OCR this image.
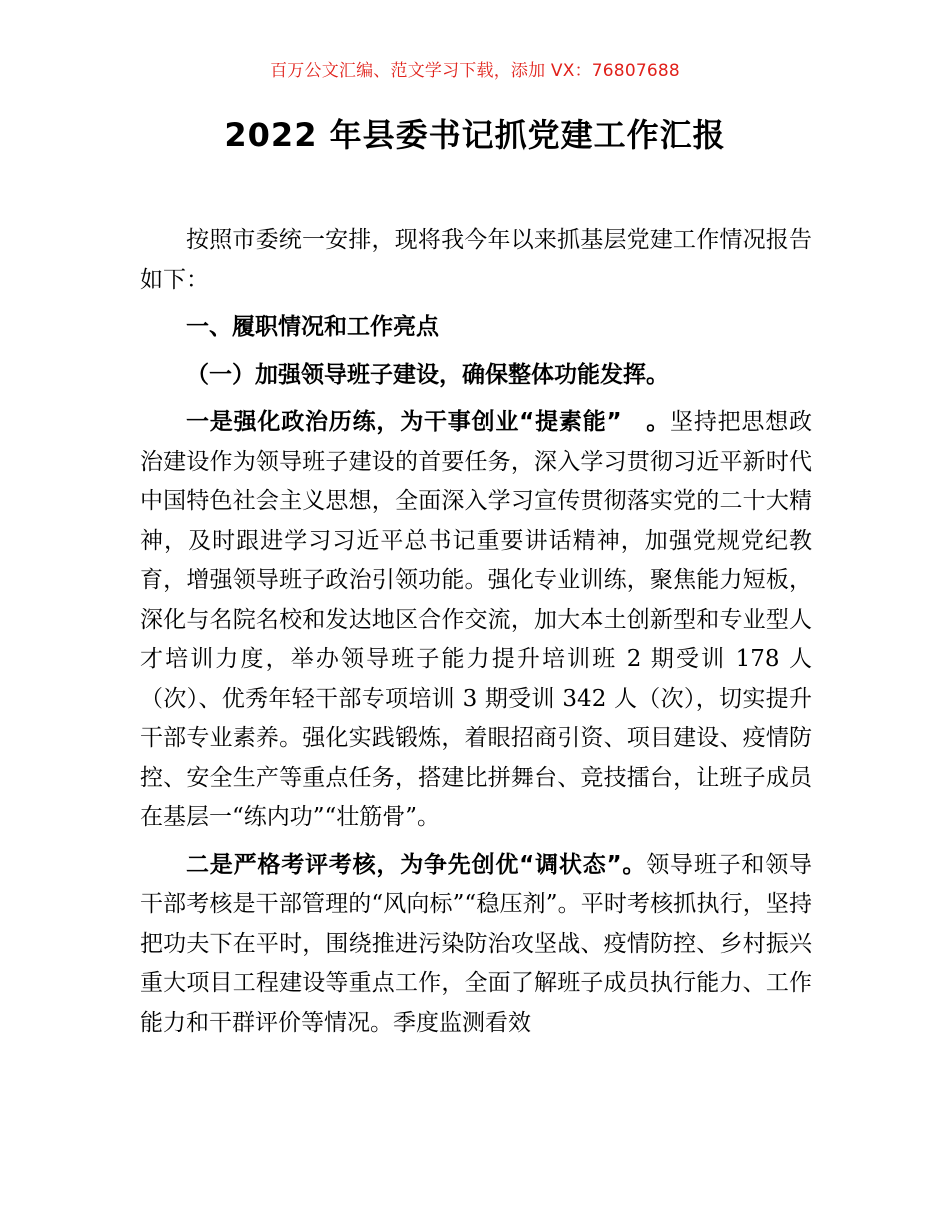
百万公文汇编、范文学习下载，添加 VX：76807688
2022 年县委书记抓党建工作汇报

按照市委统一安排，现将我今年以来抓基层党建工作情况报告如下：

一、履职情况和工作亮点

（一）加强领导班子建设，确保整体功能发挥。

一是强化政治历练，为干事创业“提素能”　。坚持把思想政治建设作为领导班子建设的首要任务，深入学习贯彻习近平新时代中国特色社会主义思想，全面深入学习宣传贯彻落实党的二十大精神，及时跟进学习习近平总书记重要讲话精神，加强党规党纪教育，增强领导班子政治引领功能。强化专业训练，聚焦能力短板，深化与名院名校和发达地区合作交流，加大本土创新型和专业型人才培训力度，举办领导班子能力提升培训班 2 期受训 178 人（次）、优秀年轻干部专项培训 3 期受训 342 人（次），切实提升干部专业素养。强化实践锻炼，着眼招商引资、项目建设、疫情防控、安全生产等重点任务，搭建比拼舞台、竞技擂台，让班子成员在基层一“练内功”“壮筋骨”。

二是严格考评考核，为争先创优“调状态”。领导班子和领导干部考核是干部管理的“风向标”“稳压剂”。平时考核抓执行，坚持把功夫下在平时，围绕推进污染防治攻坚战、疫情防控、乡村振兴重大项目工程建设等重点工作，全面了解班子成员执行能力、工作能力和干群评价等情况。季度监测看效
